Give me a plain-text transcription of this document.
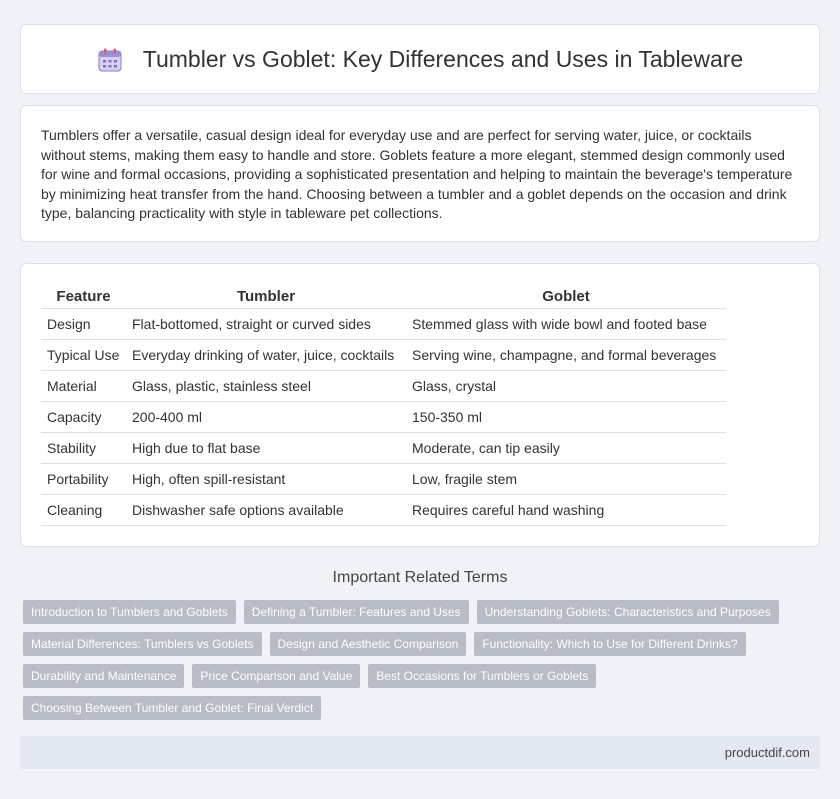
Tumbler vs Goblet: Key Differences and Uses in Tableware

Tumblers offer a versatile, casual design ideal for everyday use and are perfect for serving water, juice, or cocktails without stems, making them easy to handle and store. Goblets feature a more elegant, stemmed design commonly used for wine and formal occasions, providing a sophisticated presentation and helping to maintain the beverage's temperature by minimizing heat transfer from the hand. Choosing between a tumbler and a goblet depends on the occasion and drink type, balancing practicality with style in tableware pet collections.

Feature	Tumbler	Goblet
Design	Flat-bottomed, straight or curved sides	Stemmed glass with wide bowl and footed base
Typical Use	Everyday drinking of water, juice, cocktails	Serving wine, champagne, and formal beverages
Material	Glass, plastic, stainless steel	Glass, crystal
Capacity	200-400 ml	150-350 ml
Stability	High due to flat base	Moderate, can tip easily
Portability	High, often spill-resistant	Low, fragile stem
Cleaning	Dishwasher safe options available	Requires careful hand washing
Important Related Terms
Introduction to Tumblers and Goblets	Defining a Tumbler: Features and Uses	Understanding Goblets: Characteristics and Purposes
Material Differences: Tumblers vs Goblets	Design and Aesthetic Comparison	Functionality: Which to Use for Different Drinks?
Durability and Maintenance	Price Comparison and Value	Best Occasions for Tumblers or Goblets
Choosing Between Tumbler and Goblet: Final Verdict
productdif.com
